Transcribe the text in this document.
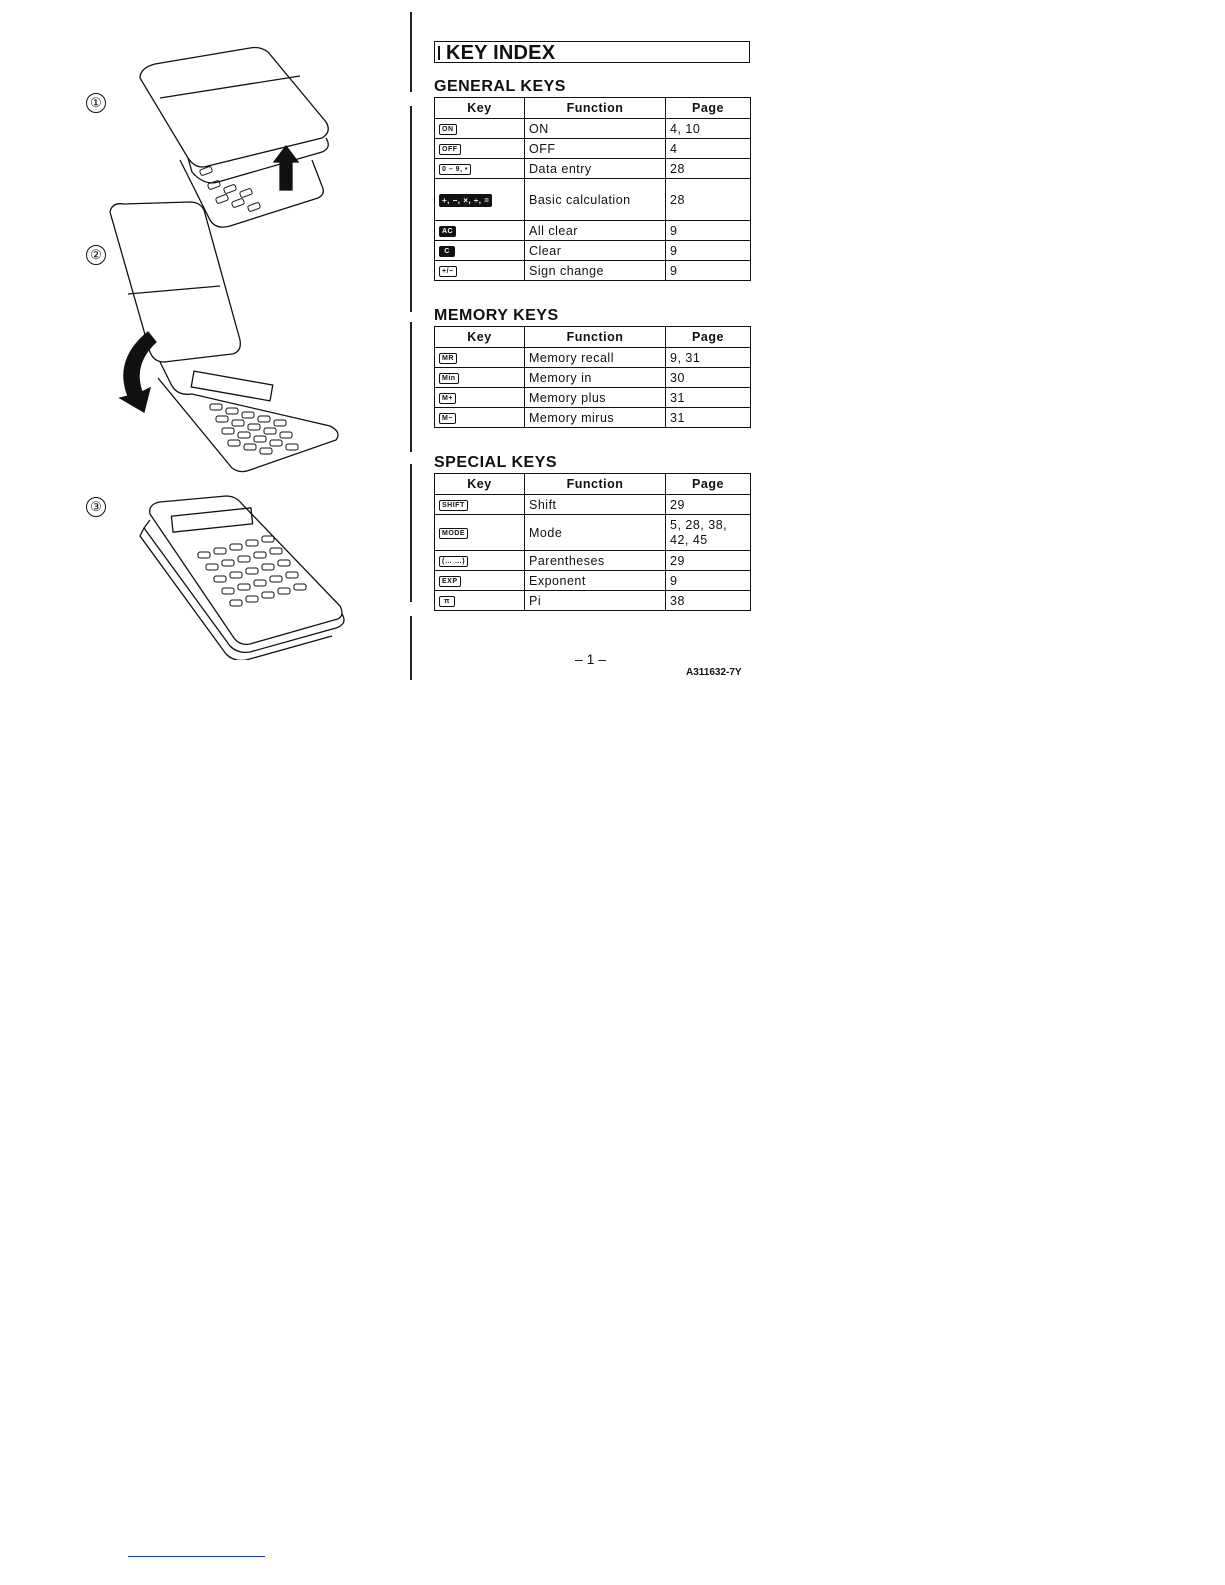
①
②
③
KEY INDEX
GENERAL KEYS
Key	Function	Page
ON	ON	4, 10
OFF	OFF	4
0 – 9, •	Data entry	28
+, −, ×, ÷, =	Basic calculation	28
AC	All clear	9
C	Clear	9
+/−	Sign change	9
MEMORY KEYS
Key	Function	Page
MR	Memory recall	9, 31
Min	Memory in	30
M+	Memory plus	31
M−	Memory mirus	31
SPECIAL KEYS
Key	Function	Page
SHIFT	Shift	29
MODE	Mode	5, 28, 38, 42, 45
(… …)	Parentheses	29
EXP	Exponent	9
π	Pi	38
– 1 –
A311632-7Y
